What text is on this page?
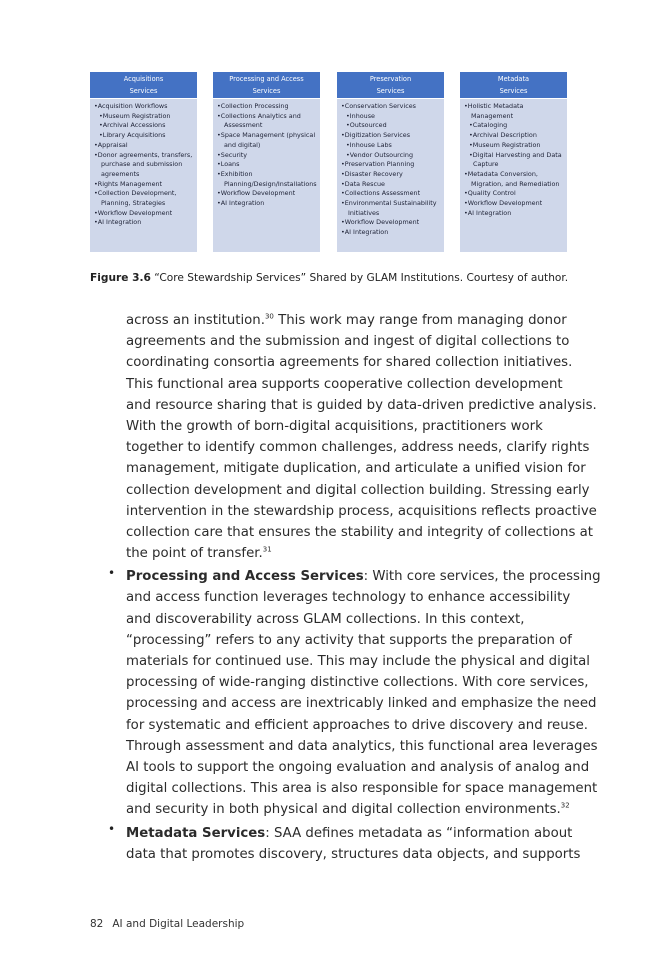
Acquisitions
Services
•Acquisition Workflows
•Museum Registration
•Archival Accessions
•Library Acquisitions
•Appraisal
•Donor agreements, transfers,
purchase and submission
agreements
•Rights Management
•Collection Development,
Planning, Strategies
•Workflow Development
•AI Integration
Processing and Access
Services
•Collection Processing
•Collections Analytics and
Assessment
•Space Management (physical
and digital)
•Security
•Loans
•Exhibition
Planning/Design/Installations
•Workflow Development
•AI Integration
Preservation
Services
•Conservation Services
•Inhouse
•Outsourced
•Digitization Services
•Inhouse Labs
•Vendor Outsourcing
•Preservation Planning
•Disaster Recovery
•Data Rescue
•Collections Assessment
•Environmental Sustainability
Initiatives
•Workflow Development
•AI Integration
Metadata
Services
•Holistic Metadata
Management
•Cataloging
•Archival Description
•Museum Registration
•Digital Harvesting and Data
Capture
•Metadata Conversion,
Migration, and Remediation
•Quality Control
•Workflow Development
•AI Integration
Figure 3.6 “Core Stewardship Services” Shared by GLAM Institutions. Courtesy of author.
across an institution.$^{30}$ This work may range from managing donor
agreements and the submission and ingest of digital collections to
coordinating consortia agreements for shared collection initiatives.
This functional area supports cooperative collection development
and resource sharing that is guided by data-driven predictive analysis.
With the growth of born-digital acquisitions, practitioners work
together to identify common challenges, address needs, clarify rights
management, mitigate duplication, and articulate a unified vision for
collection development and digital collection building. Stressing early
intervention in the stewardship process, acquisitions reflects proactive
collection care that ensures the stability and integrity of collections at
the point of transfer.$^{31}$
Processing and Access Services: With core services, the processing
and access function leverages technology to enhance accessibility
and discoverability across GLAM collections. In this context,
“processing” refers to any activity that supports the preparation of
materials for continued use. This may include the physical and digital
processing of wide-ranging distinctive collections. With core services,
processing and access are inextricably linked and emphasize the need
for systematic and efficient approaches to drive discovery and reuse.
Through assessment and data analytics, this functional area leverages
AI tools to support the ongoing evaluation and analysis of analog and
digital collections. This area is also responsible for space management
and security in both physical and digital collection environments.$^{32}$
Metadata Services: SAA defines metadata as “information about
data that promotes discovery, structures data objects, and supports
•
•
82 AI and Digital Leadership
